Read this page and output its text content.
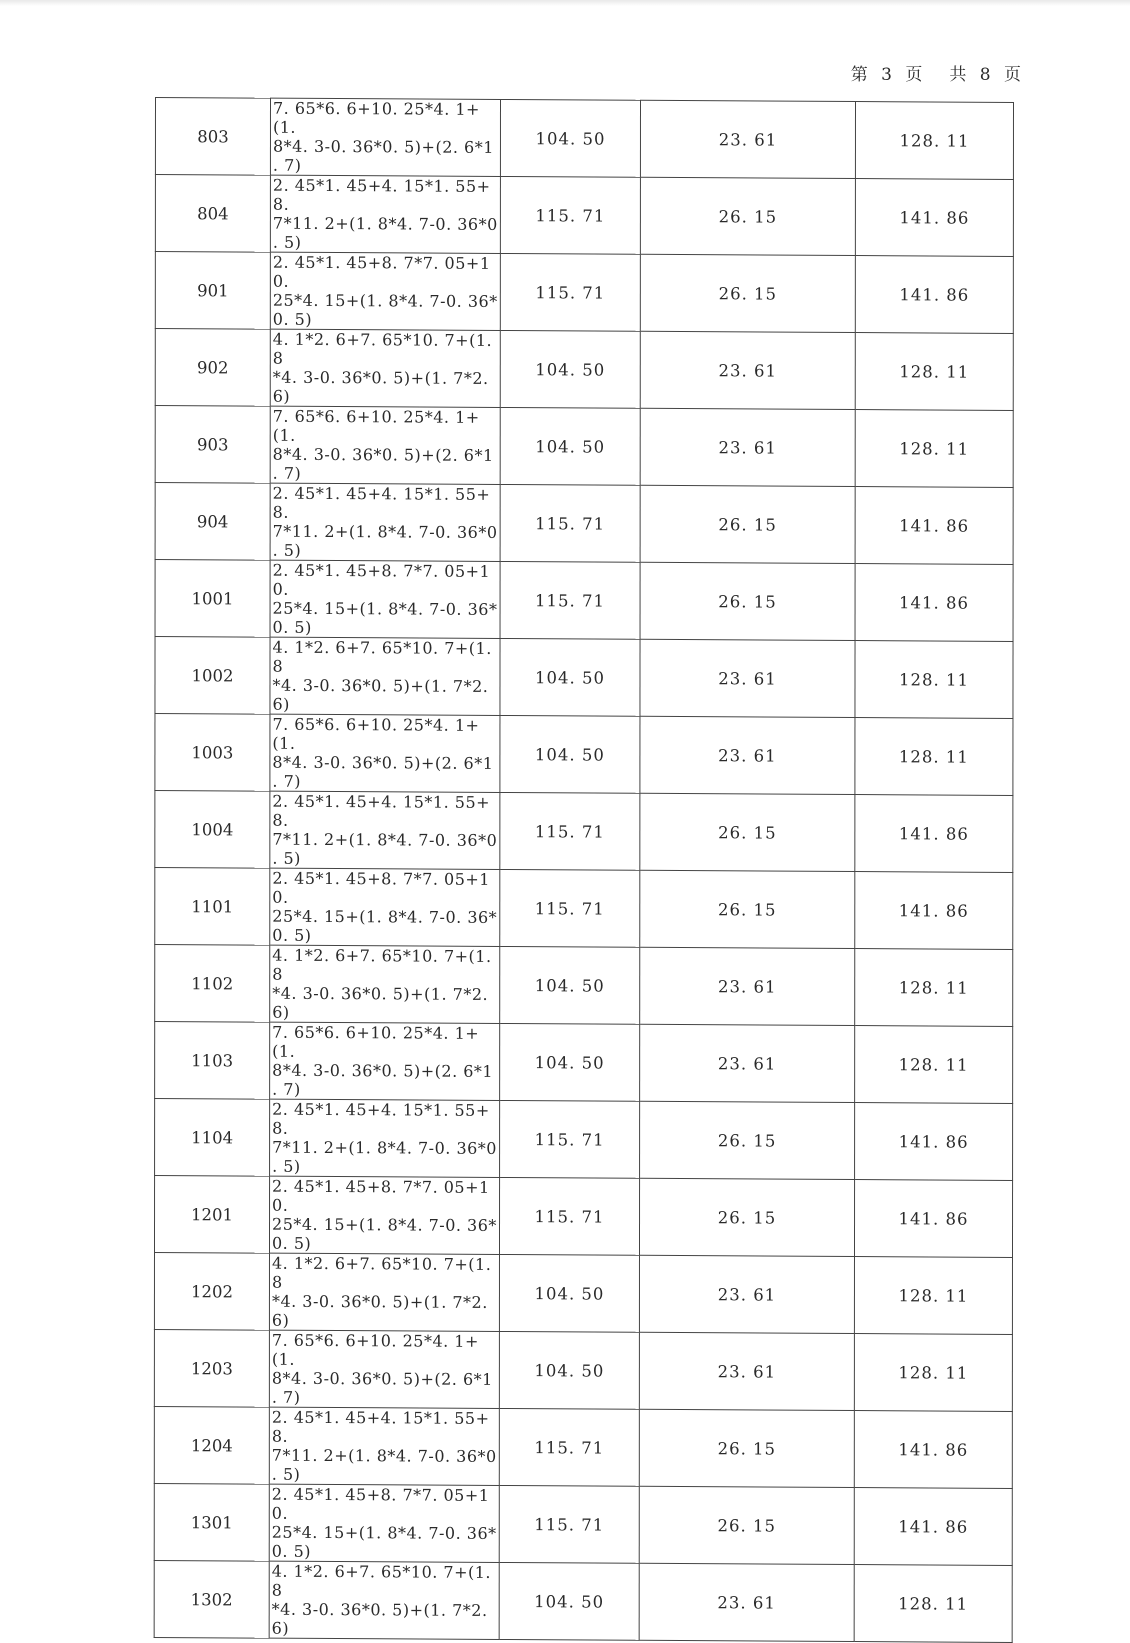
第 3 页 共 8 页
803	7. 65*6. 6+10. 25*4. 1+(1.
8*4. 3-0. 36*0. 5)+(2. 6*1
. 7)	104. 50	23. 61	128. 11
804	2. 45*1. 45+4. 15*1. 55+8.
7*11. 2+(1. 8*4. 7-0. 36*0
. 5)	115. 71	26. 15	141. 86
901	2. 45*1. 45+8. 7*7. 05+10.
25*4. 15+(1. 8*4. 7-0. 36*
0. 5)	115. 71	26. 15	141. 86
902	4. 1*2. 6+7. 65*10. 7+(1. 8
*4. 3-0. 36*0. 5)+(1. 7*2.
6)	104. 50	23. 61	128. 11
903	7. 65*6. 6+10. 25*4. 1+(1.
8*4. 3-0. 36*0. 5)+(2. 6*1
. 7)	104. 50	23. 61	128. 11
904	2. 45*1. 45+4. 15*1. 55+8.
7*11. 2+(1. 8*4. 7-0. 36*0
. 5)	115. 71	26. 15	141. 86
1001	2. 45*1. 45+8. 7*7. 05+10.
25*4. 15+(1. 8*4. 7-0. 36*
0. 5)	115. 71	26. 15	141. 86
1002	4. 1*2. 6+7. 65*10. 7+(1. 8
*4. 3-0. 36*0. 5)+(1. 7*2.
6)	104. 50	23. 61	128. 11
1003	7. 65*6. 6+10. 25*4. 1+(1.
8*4. 3-0. 36*0. 5)+(2. 6*1
. 7)	104. 50	23. 61	128. 11
1004	2. 45*1. 45+4. 15*1. 55+8.
7*11. 2+(1. 8*4. 7-0. 36*0
. 5)	115. 71	26. 15	141. 86
1101	2. 45*1. 45+8. 7*7. 05+10.
25*4. 15+(1. 8*4. 7-0. 36*
0. 5)	115. 71	26. 15	141. 86
1102	4. 1*2. 6+7. 65*10. 7+(1. 8
*4. 3-0. 36*0. 5)+(1. 7*2.
6)	104. 50	23. 61	128. 11
1103	7. 65*6. 6+10. 25*4. 1+(1.
8*4. 3-0. 36*0. 5)+(2. 6*1
. 7)	104. 50	23. 61	128. 11
1104	2. 45*1. 45+4. 15*1. 55+8.
7*11. 2+(1. 8*4. 7-0. 36*0
. 5)	115. 71	26. 15	141. 86
1201	2. 45*1. 45+8. 7*7. 05+10.
25*4. 15+(1. 8*4. 7-0. 36*
0. 5)	115. 71	26. 15	141. 86
1202	4. 1*2. 6+7. 65*10. 7+(1. 8
*4. 3-0. 36*0. 5)+(1. 7*2.
6)	104. 50	23. 61	128. 11
1203	7. 65*6. 6+10. 25*4. 1+(1.
8*4. 3-0. 36*0. 5)+(2. 6*1
. 7)	104. 50	23. 61	128. 11
1204	2. 45*1. 45+4. 15*1. 55+8.
7*11. 2+(1. 8*4. 7-0. 36*0
. 5)	115. 71	26. 15	141. 86
1301	2. 45*1. 45+8. 7*7. 05+10.
25*4. 15+(1. 8*4. 7-0. 36*
0. 5)	115. 71	26. 15	141. 86
1302	4. 1*2. 6+7. 65*10. 7+(1. 8
*4. 3-0. 36*0. 5)+(1. 7*2.
6)	104. 50	23. 61	128. 11
